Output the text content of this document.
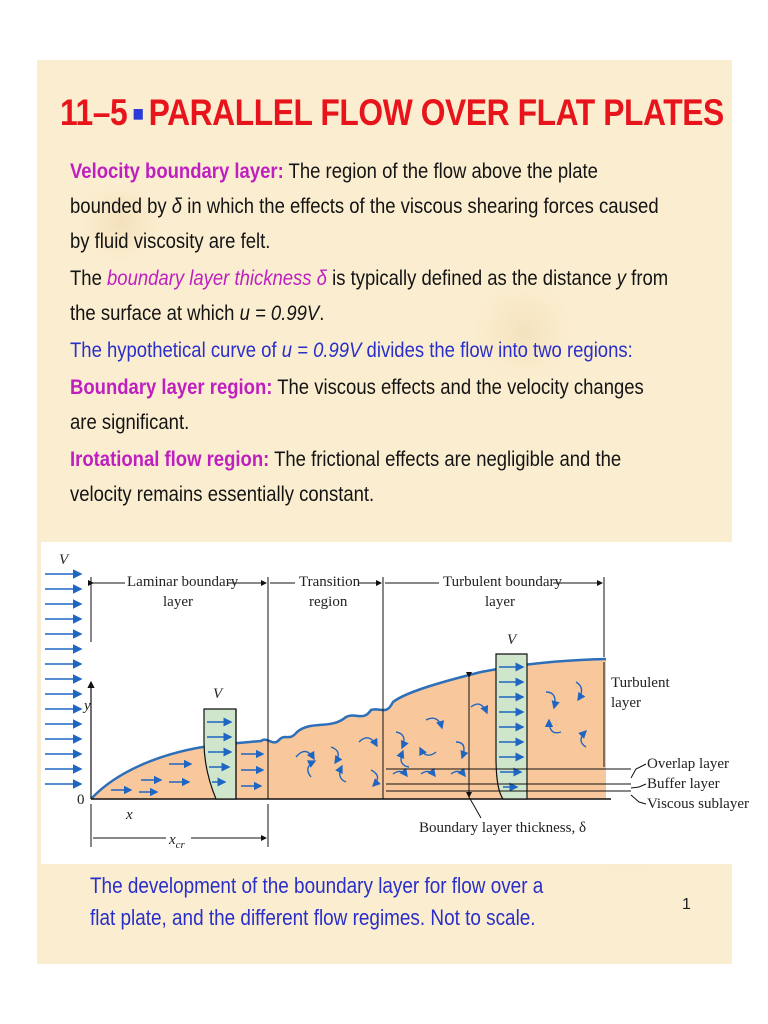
11–5 ■ PARALLEL FLOW OVER FLAT PLATES

Velocity boundary layer: The region of the flow above the plate bounded by δ in which the effects of the viscous shearing forces caused by fluid viscosity are felt.

The boundary layer thickness δ is typically defined as the distance y from the surface at which u = 0.99V.

The hypothetical curve of u = 0.99V divides the flow into two regions:

Boundary layer region: The viscous effects and the velocity changes are significant.

Irotational flow region: The frictional effects are negligible and the velocity remains essentially constant.

V
y
0
x
V
V
Laminar boundary
layer
Transition
region
Turbulent boundary
layer
$x_{cr}$
Turbulent
layer
Overlap layer
Buffer layer
Viscous sublayer
Boundary layer thickness, δ
The development of the boundary layer for flow over a flat plate, and the different flow regimes. Not to scale.
1
